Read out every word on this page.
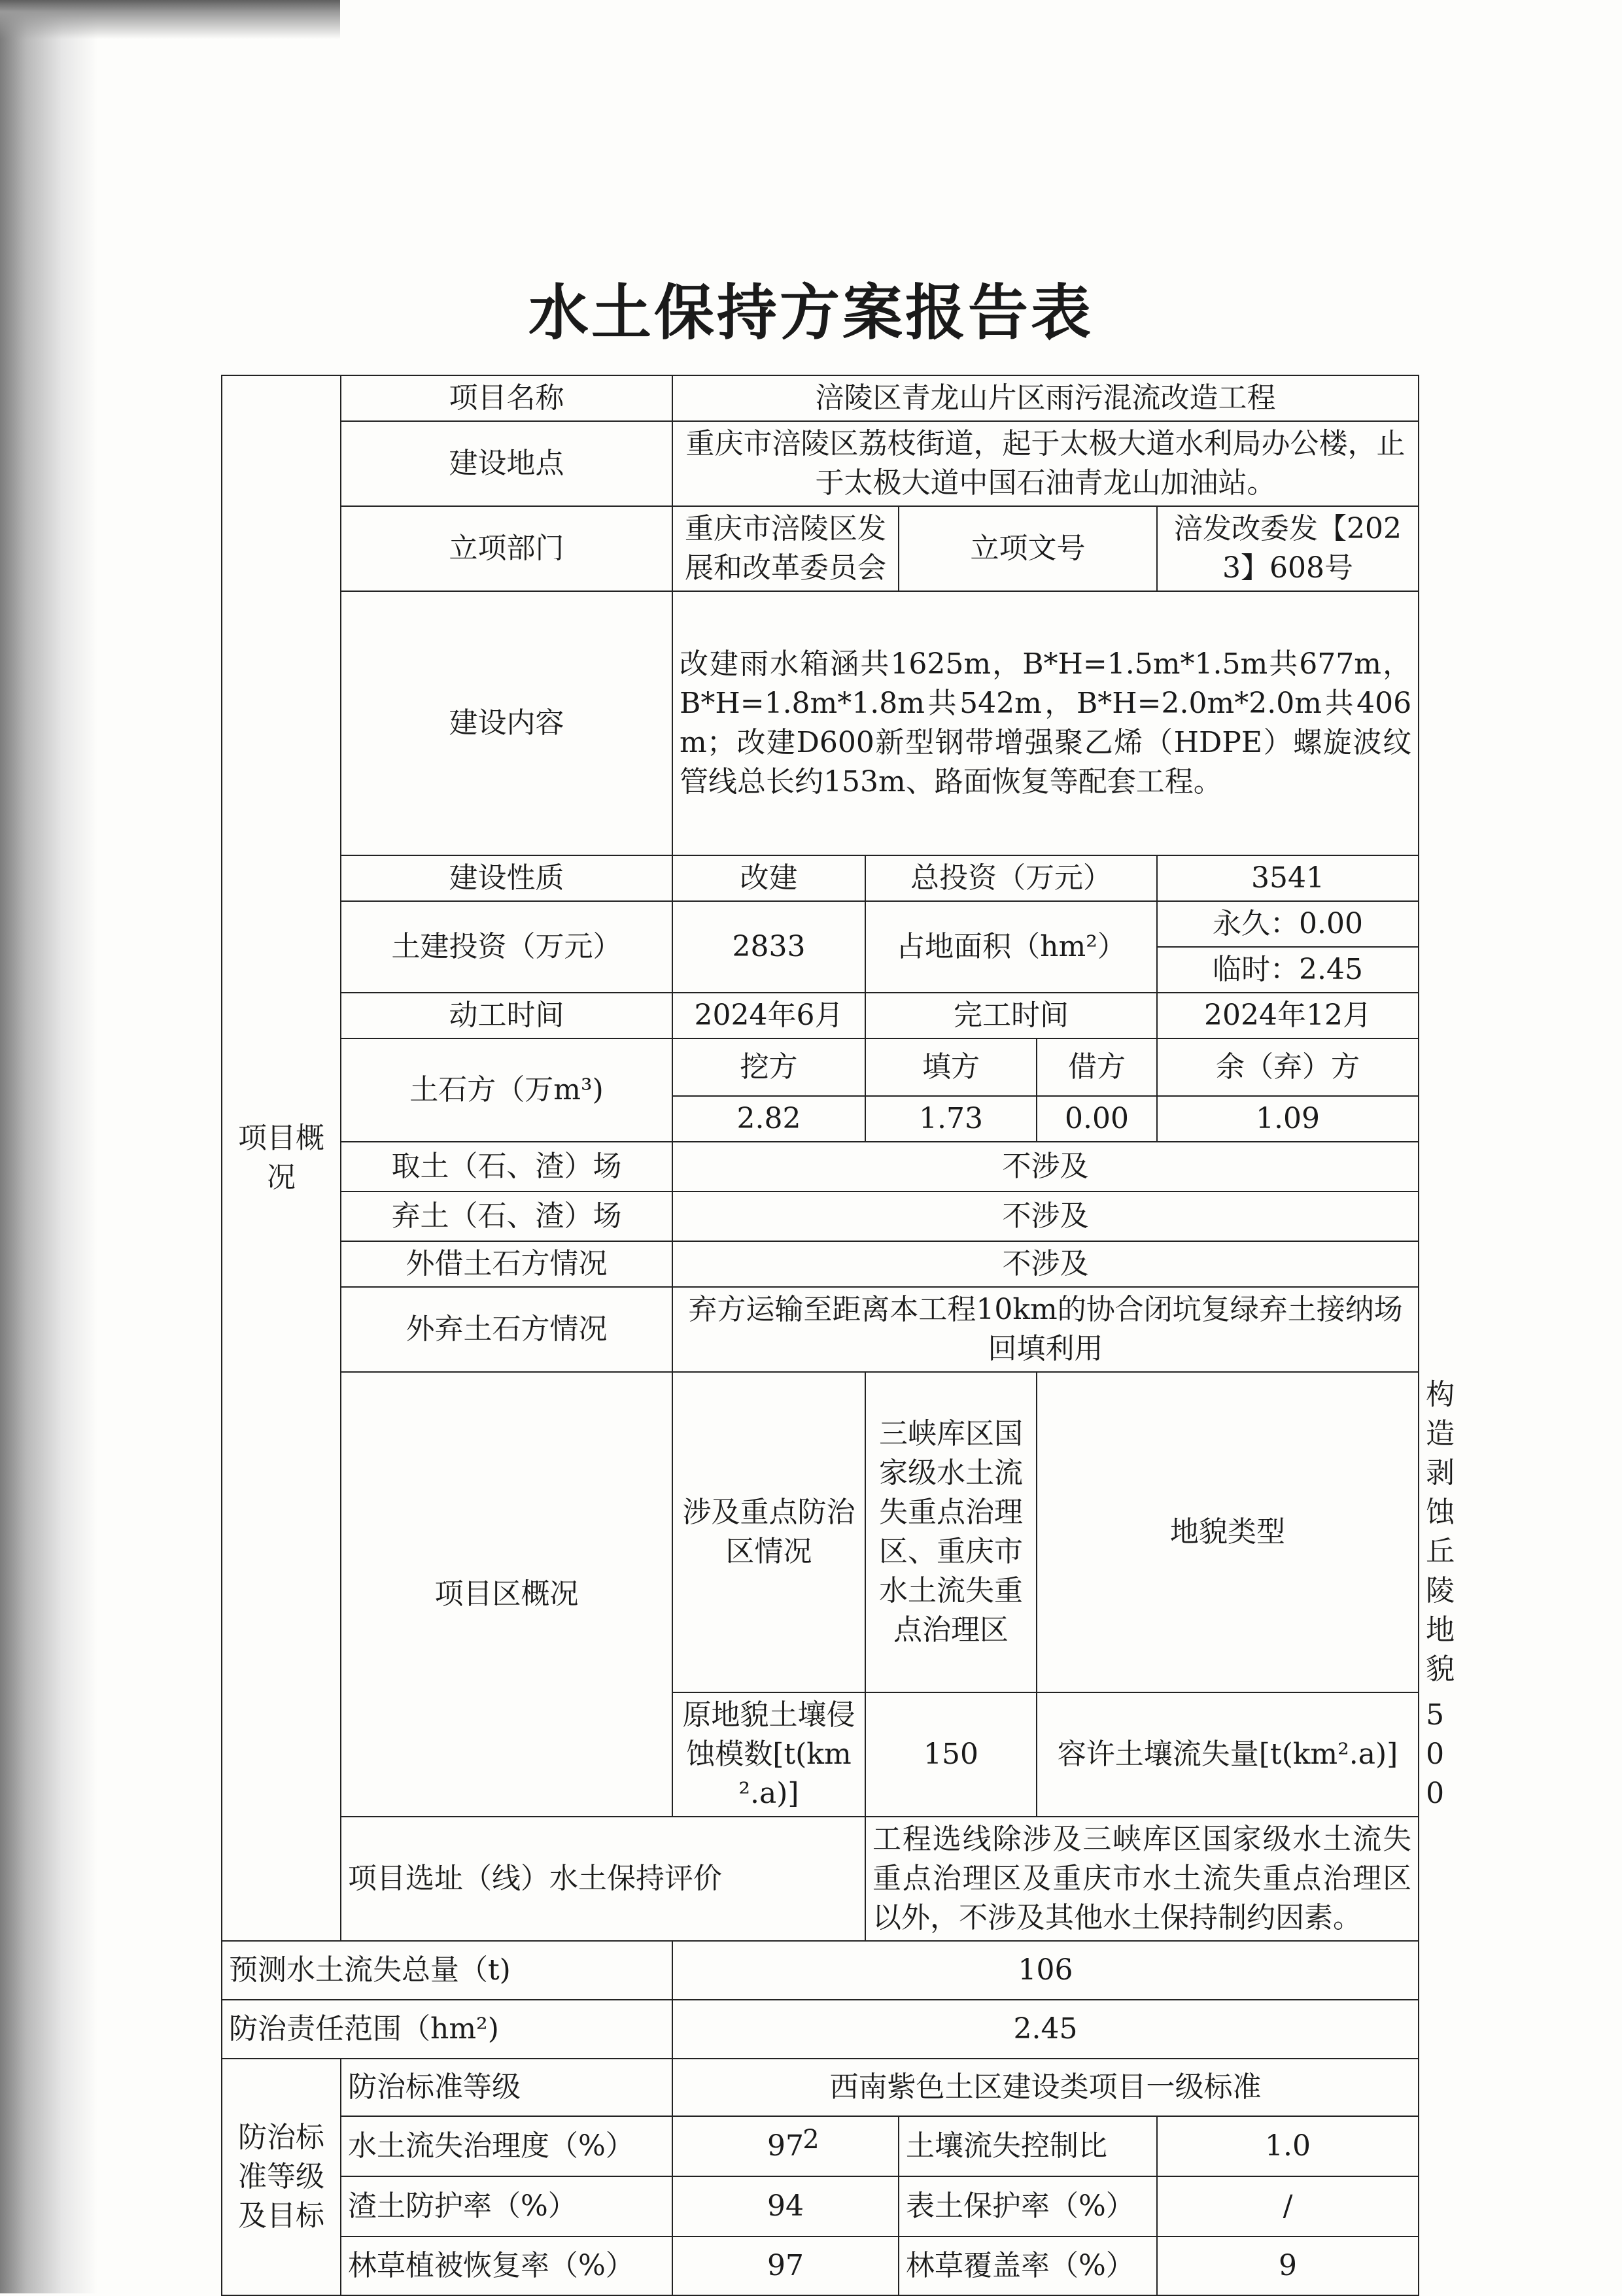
水土保持方案报告表
项目概况	项目名称	涪陵区青龙山片区雨污混流改造工程					
	建设地点	重庆市涪陵区荔枝街道，起于太极大道水利局办公楼，止于太极大道中国石油青龙山加油站。					
	立项部门	重庆市涪陵区发展和改革委员会		立项文号		涪发改委发【2023】608号	
	建设内容	改建雨水箱涵共1625m，B*H=1.5m*1.5m共677m，B*H=1.8m*1.8m共542m，B*H=2.0m*2.0m共406m；改建D600新型钢带增强聚乙烯（HDPE）螺旋波纹管线总长约153m、路面恢复等配套工程。					
	建设性质	改建	总投资（万元）			3541	
	土建投资（万元）	2833	占地面积（hm²）			永久：0.00	
						临时：2.45	
	动工时间	2024年6月	完工时间			2024年12月	
	土石方（万m³)	挖方	填方		借方	余（弃）方	
		2.82	1.73		0.00	1.09	
	取土（石、渣）场	不涉及					
	弃土（石、渣）场	不涉及					
	外借土石方情况	不涉及					
	外弃土石方情况	弃方运输至距离本工程10km的协合闭坑复绿弃土接纳场回填利用					
	项目区概况	涉及重点防治区情况	三峡库区国家级水土流失重点治理区、重庆市水土流失重点治理区		地貌类型		构造剥蚀丘陵地貌
		原地貌土壤侵蚀模数[t(km².a)]	150		容许土壤流失量[t(km².a)]		500
	项目选址（线）水土保持评价		工程选线除涉及三峡库区国家级水土流失重点治理区及重庆市水土流失重点治理区以外，不涉及其他水土保持制约因素。				
预测水土流失总量（t)		106					
防治责任范围（hm²)		2.45					
防治标准等级及目标	防治标准等级	西南紫色土区建设类项目一级标准					
	水土流失治理度（%）	97		土壤流失控制比		1.0	
	渣土防护率（%）	94		表土保护率（%）		/	
	林草植被恢复率（%）	97		林草覆盖率（%）		9	
2
